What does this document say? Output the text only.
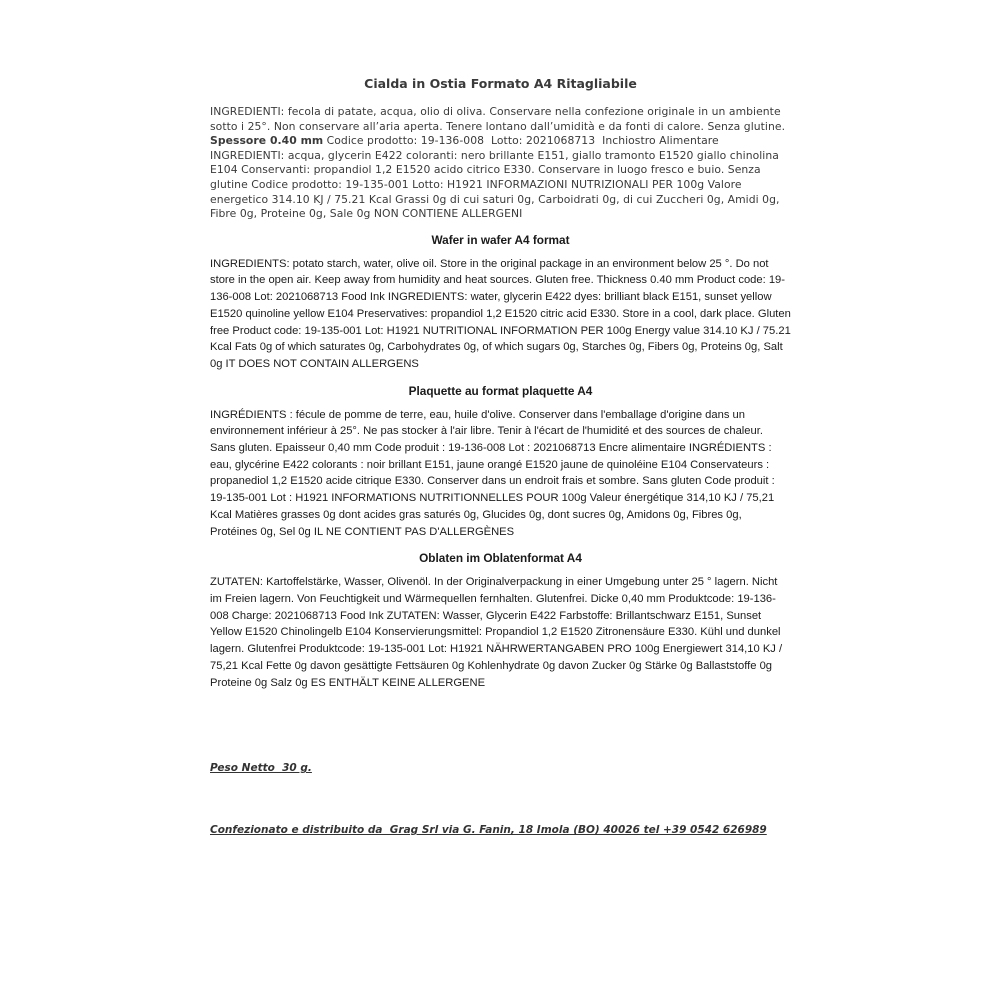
Cialda in Ostia Formato A4 Ritagliabile

INGREDIENTI: fecola di patate, acqua, olio di oliva. Conservare nella confezione originale in un ambiente sotto i 25°. Non conservare all’aria aperta. Tenere lontano dall’umidità e da fonti di calore. Senza glutine. Spessore 0.40 mm Codice prodotto: 19-136-008  Lotto: 2021068713  Inchiostro Alimentare INGREDIENTI: acqua, glycerin E422 coloranti: nero brillante E151, giallo tramonto E1520 giallo chinolina E104 Conservanti: propandiol 1,2 E1520 acido citrico E330. Conservare in luogo fresco e buio. Senza glutine Codice prodotto: 19-135-001 Lotto: H1921 INFORMAZIONI NUTRIZIONALI PER 100g Valore energetico 314.10 KJ / 75.21 Kcal Grassi 0g di cui saturi 0g, Carboidrati 0g, di cui Zuccheri 0g, Amidi 0g, Fibre 0g, Proteine 0g, Sale 0g NON CONTIENE ALLERGENI

Wafer in wafer A4 format

INGREDIENTS: potato starch, water, olive oil. Store in the original package in an environment below 25 °. Do not store in the open air. Keep away from humidity and heat sources. Gluten free. Thickness 0.40 mm Product code: 19-136-008 Lot: 2021068713 Food Ink INGREDIENTS: water, glycerin E422 dyes: brilliant black E151, sunset yellow E1520 quinoline yellow E104 Preservatives: propandiol 1,2 E1520 citric acid E330. Store in a cool, dark place. Gluten free Product code: 19-135-001 Lot: H1921 NUTRITIONAL INFORMATION PER 100g Energy value 314.10 KJ / 75.21 Kcal Fats 0g of which saturates 0g, Carbohydrates 0g, of which sugars 0g, Starches 0g, Fibers 0g, Proteins 0g, Salt 0g IT DOES NOT CONTAIN ALLERGENS

Plaquette au format plaquette A4

INGRÉDIENTS : fécule de pomme de terre, eau, huile d'olive. Conserver dans l'emballage d'origine dans un environnement inférieur à 25°. Ne pas stocker à l'air libre. Tenir à l'écart de l'humidité et des sources de chaleur. Sans gluten. Epaisseur 0,40 mm Code produit : 19-136-008 Lot : 2021068713 Encre alimentaire INGRÉDIENTS : eau, glycérine E422 colorants : noir brillant E151, jaune orangé E1520 jaune de quinoléine E104 Conservateurs : propanediol 1,2 E1520 acide citrique E330. Conserver dans un endroit frais et sombre. Sans gluten Code produit : 19-135-001 Lot : H1921 INFORMATIONS NUTRITIONNELLES POUR 100g Valeur énergétique 314,10 KJ / 75,21 Kcal Matières grasses 0g dont acides gras saturés 0g, Glucides 0g, dont sucres 0g, Amidons 0g, Fibres 0g, Protéines 0g, Sel 0g IL NE CONTIENT PAS D'ALLERGÈNES

Oblaten im Oblatenformat A4

ZUTATEN: Kartoffelstärke, Wasser, Olivenöl. In der Originalverpackung in einer Umgebung unter 25 ° lagern. Nicht im Freien lagern. Von Feuchtigkeit und Wärmequellen fernhalten. Glutenfrei. Dicke 0,40 mm Produktcode: 19-136-008 Charge: 2021068713 Food Ink ZUTATEN: Wasser, Glycerin E422 Farbstoffe: Brillantschwarz E151, Sunset Yellow E1520 Chinolingelb E104 Konservierungsmittel: Propandiol 1,2 E1520 Zitronensäure E330. Kühl und dunkel lagern. Glutenfrei Produktcode: 19-135-001 Lot: H1921 NÄHRWERTANGABEN PRO 100g Energiewert 314,10 KJ / 75,21 Kcal Fette 0g davon gesättigte Fettsäuren 0g Kohlenhydrate 0g davon Zucker 0g Stärke 0g Ballaststoffe 0g Proteine 0g Salz 0g ES ENTHÄLT KEINE ALLERGENE

Peso Netto  30 g.

Confezionato e distribuito da  Grag Srl via G. Fanin, 18 Imola (BO) 40026 tel +39 0542 626989
